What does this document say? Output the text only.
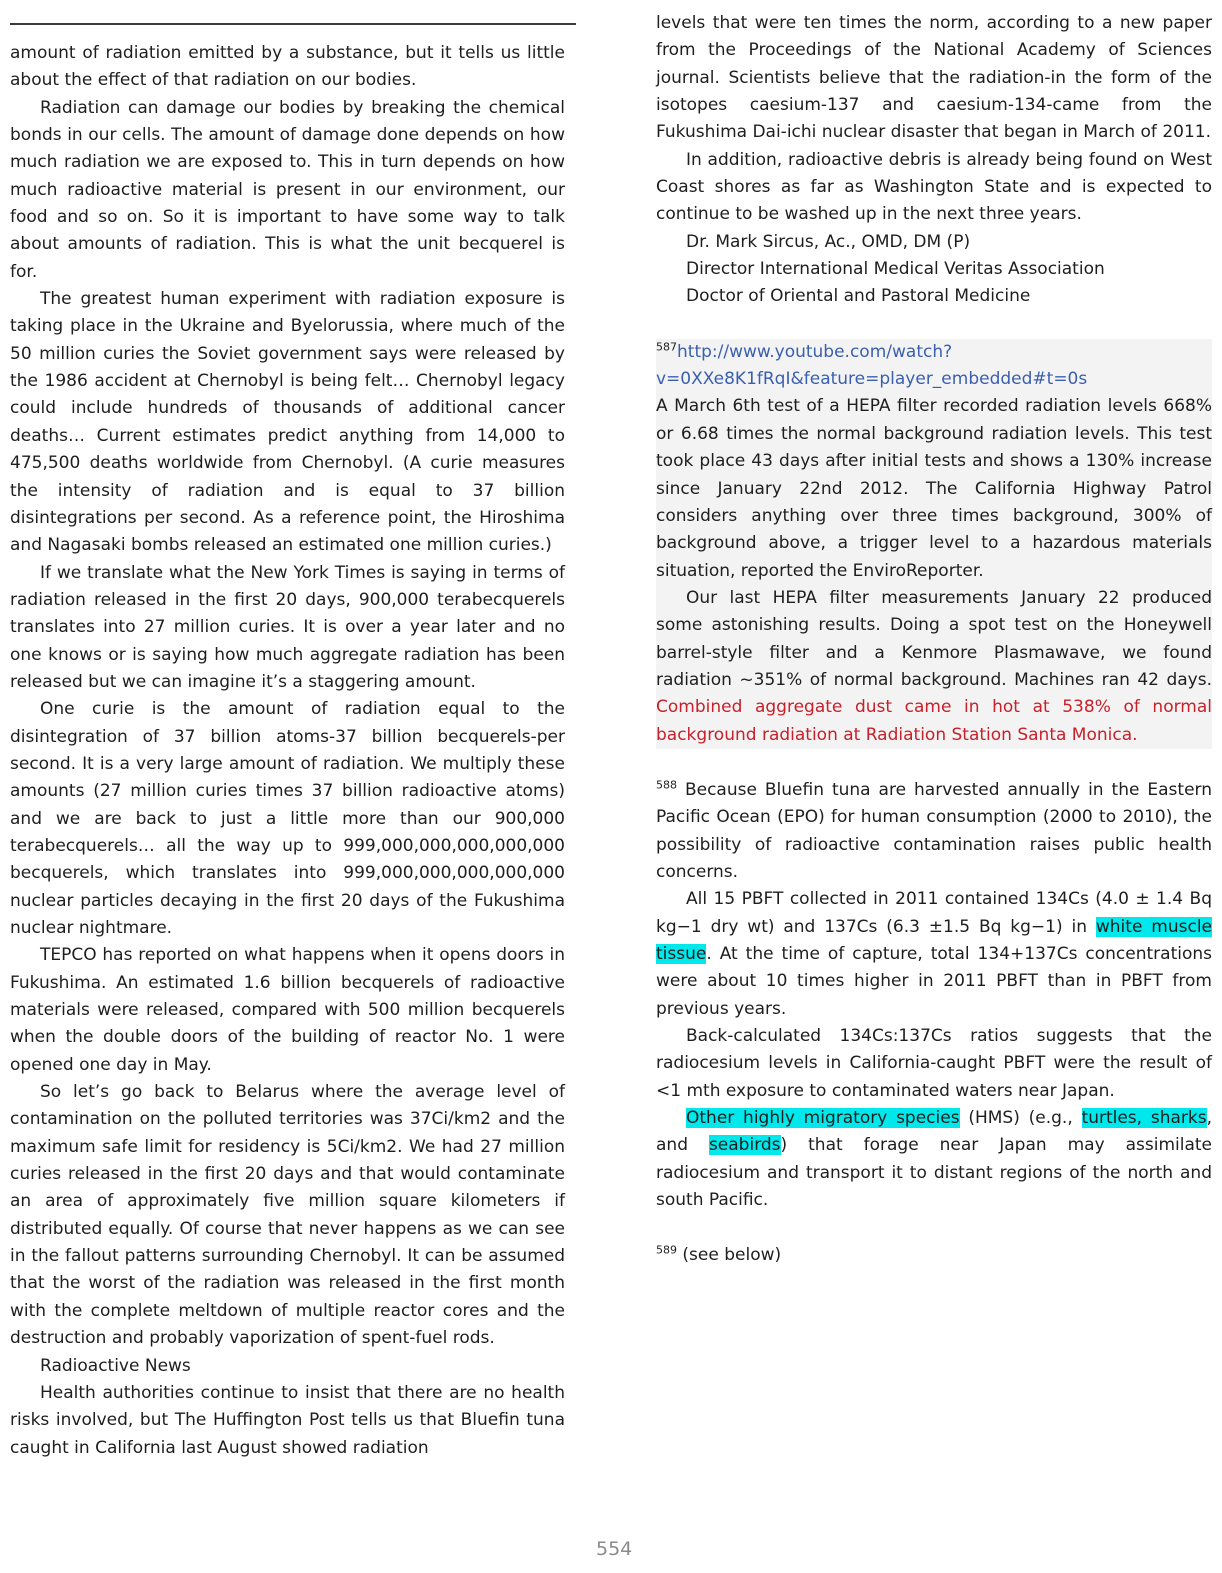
amount of radiation emitted by a substance, but it tells us little about the effect of that radiation on our bodies.

Radiation can damage our bodies by breaking the chemical bonds in our cells. The amount of damage done depends on how much radiation we are exposed to. This in turn depends on how much radioactive material is present in our environment, our food and so on. So it is important to have some way to talk about amounts of radiation. This is what the unit becquerel is for.

The greatest human experiment with radiation exposure is taking place in the Ukraine and Byelorussia, where much of the 50 million curies the Soviet government says were released by the 1986 accident at Chernobyl is being felt… Chernobyl legacy could include hundreds of thousands of additional cancer deaths… Current estimates predict anything from 14,000 to 475,500 deaths worldwide from Chernobyl. (A curie measures the intensity of radiation and is equal to 37 billion disintegrations per second. As a reference point, the Hiroshima and Nagasaki bombs released an estimated one million curies.)

If we translate what the New York Times is saying in terms of radiation released in the first 20 days, 900,000 terabecquerels translates into 27 million curies. It is over a year later and no one knows or is saying how much aggregate radiation has been released but we can imagine it’s a staggering amount.

One curie is the amount of radiation equal to the disintegration of 37 billion atoms-37 billion becquerels-per second. It is a very large amount of radiation. We multiply these amounts (27 million curies times 37 billion radioactive atoms) and we are back to just a little more than our 900,000 terabecquerels… all the way up to 999,000,000,000,000,000 becquerels, which translates into 999,000,000,000,000,000 nuclear particles decaying in the first 20 days of the Fukushima nuclear nightmare.

TEPCO has reported on what happens when it opens doors in Fukushima. An estimated 1.6 billion becquerels of radioactive materials were released, compared with 500 million becquerels when the double doors of the building of reactor No. 1 were opened one day in May.

So let’s go back to Belarus where the average level of contamination on the polluted territories was 37Ci/km2 and the maximum safe limit for residency is 5Ci/km2. We had 27 million curies released in the first 20 days and that would contaminate an area of approximately five million square kilometers if distributed equally. Of course that never happens as we can see in the fallout patterns surrounding Chernobyl. It can be assumed that the worst of the radiation was released in the first month with the complete meltdown of multiple reactor cores and the destruction and probably vaporization of spent-fuel rods.

Radioactive News

Health authorities continue to insist that there are no health risks involved, but The Huffington Post tells us that Bluefin tuna caught in California last August showed radiation

levels that were ten times the norm, according to a new paper from the Proceedings of the National Academy of Sciences journal. Scientists believe that the radiation-in the form of the isotopes caesium-137 and caesium-134-came from the Fukushima Dai-ichi nuclear disaster that began in March of 2011.

In addition, radioactive debris is already being found on West Coast shores as far as Washington State and is expected to continue to be washed up in the next three years.

Dr. Mark Sircus, Ac., OMD, DM (P)

Director International Medical Veritas Association

Doctor of Oriental and Pastoral Medicine

$^{587}$http://www.youtube.com/watch?v=0XXe8K1fRqI&feature=player_embedded#t=0s

A March 6th test of a HEPA filter recorded radiation levels 668% or 6.68 times the normal background radiation levels. This test took place 43 days after initial tests and shows a 130% increase since January 22nd 2012. The California Highway Patrol considers anything over three times background, 300% of background above, a trigger level to a hazardous materials situation, reported the EnviroReporter.

Our last HEPA filter measurements January 22 produced some astonishing results. Doing a spot test on the Honeywell barrel-style filter and a Kenmore Plasmawave, we found radiation ~351% of normal background. Machines ran 42 days. Combined aggregate dust came in hot at 538% of normal background radiation at Radiation Station Santa Monica.

$^{588}$ Because Bluefin tuna are harvested annually in the Eastern Pacific Ocean (EPO) for human consumption (2000 to 2010), the possibility of radioactive contamination raises public health concerns.

All 15 PBFT collected in 2011 contained 134Cs (4.0 ± 1.4 Bq kg−1 dry wt) and 137Cs (6.3 ±1.5 Bq kg−1) in white muscle tissue. At the time of capture, total 134+137Cs concentrations were about 10 times higher in 2011 PBFT than in PBFT from previous years.

Back-calculated 134Cs:137Cs ratios suggests that the radiocesium levels in California-caught PBFT were the result of <1 mth exposure to contaminated waters near Japan.

Other highly migratory species (HMS) (e.g., turtles, sharks, and seabirds) that forage near Japan may assimilate radiocesium and transport it to distant regions of the north and south Pacific.

$^{589}$ (see below)

554
